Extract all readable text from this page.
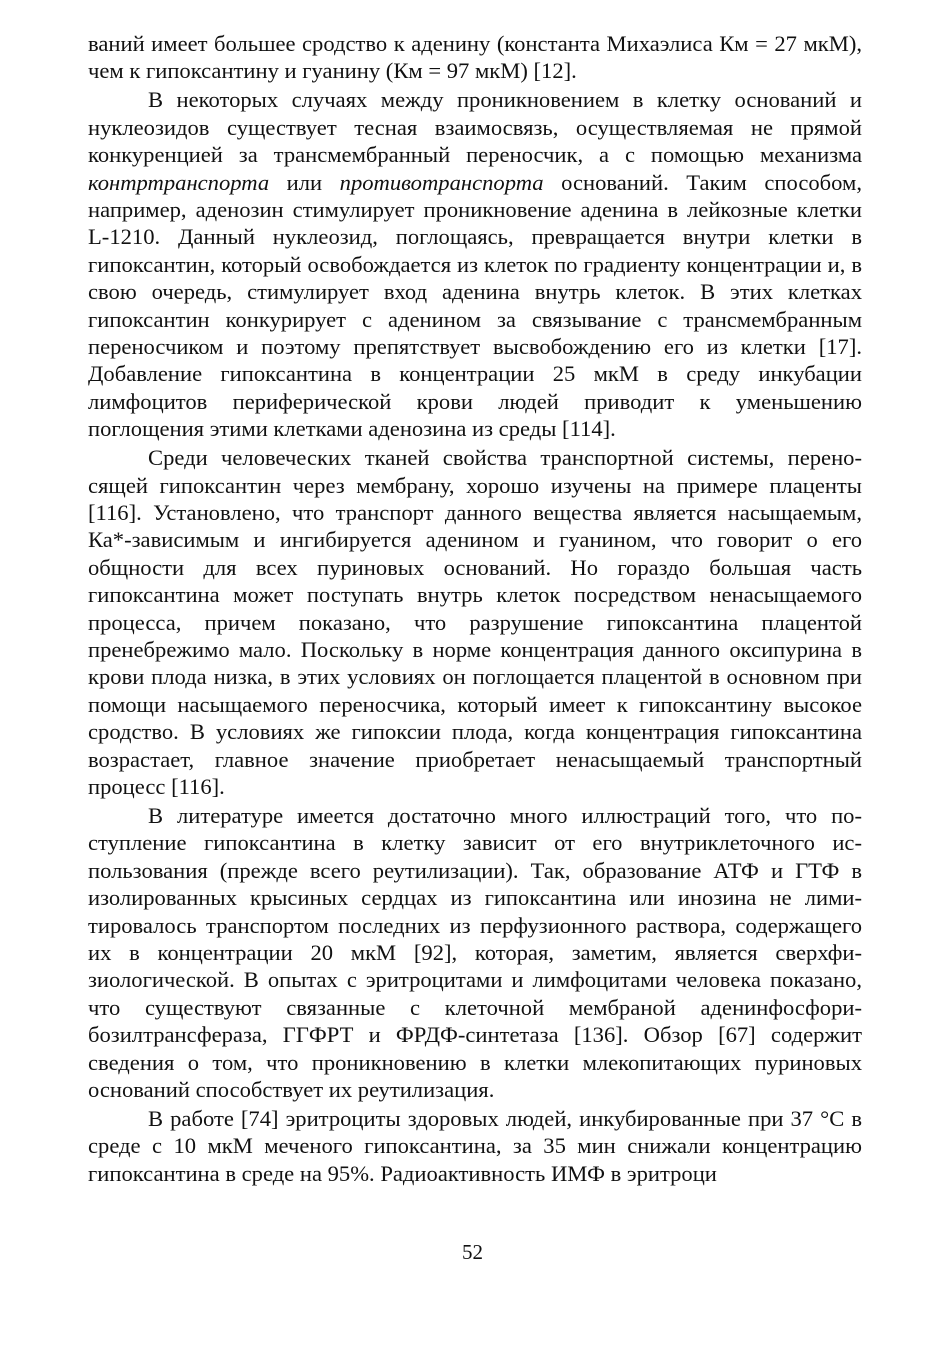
ваний имеет большее сродство к аденину (константа Михаэлиса Км = 27 мкМ), чем к гипоксантину и гуанину (Км = 97 мкМ) [12].

В некоторых случаях между проникновением в клетку оснований и нуклеозидов существует тесная взаимосвязь, осуществляемая не прямой конкуренцией за трансмембранный переносчик, а с помощью механизма контртранспорта или противотранспорта оснований. Таким способом, например, аденозин стимулирует проникновение аденина в лейкозные клетки L-1210. Данный нуклеозид, поглощаясь, превращается внутри клетки в гипоксантин, который освобождается из клеток по градиенту концентрации и, в свою очередь, стимулирует вход аденина внутрь клеток. В этих клетках гипоксантин конкурирует с аденином за связывание с трансмембранным переносчиком и поэтому препятствует высвобождению его из клетки [17]. Добавление гипоксантина в концентрации 25 мкМ в среду инкубации лимфоцитов периферической крови людей приводит к уменьшению поглощения этими клетками аденозина из среды [114].

Среди человеческих тканей свойства транспортной системы, переносящей гипоксантин через мембрану, хорошо изучены на примере плаценты [116]. Установлено, что транспорт данного вещества является насыщаемым, Ка*-зависимым и ингибируется аденином и гуанином, что говорит о его общности для всех пуриновых оснований. Но гораздо большая часть гипоксантина может поступать внутрь клеток посредством ненасыщаемого процесса, причем показано, что разрушение гипоксантина плацентой пренебрежимо мало. Поскольку в норме концентрация данного оксипурина в крови плода низка, в этих условиях он поглощается плацентой в основном при помощи насыщаемого переносчика, который имеет к гипоксантину высокое сродство. В условиях же гипоксии плода, когда концентрация гипоксантина возрастает, главное значение приобретает ненасыщаемый транспортный процесс [116].

В литературе имеется достаточно много иллюстраций того, что поступление гипоксантина в клетку зависит от его внутриклеточного использования (прежде всего реутилизации). Так, образование АТФ и ГТФ в изолированных крысиных сердцах из гипоксантина или инозина не лимитировалось транспортом последних из перфузионного раствора, содержащего их в концентрации 20 мкМ [92], которая, заметим, является сверхфизиологической. В опытах с эритроцитами и лимфоцитами человека показано, что существуют связанные с клеточной мембраной аденинфосфорибозилтрансфераза, ГГФРТ и ФРДФ-синтетаза [136]. Обзор [67] содержит сведения о том, что проникновению в клетки млекопитающих пуриновых оснований способствует их реутилизация.

В работе [74] эритроциты здоровых людей, инкубированные при 37 °С в среде с 10 мкМ меченого гипоксантина, за 35 мин снижали концентрацию гипоксантина в среде на 95%. Радиоактивность ИМФ в эритроци

52
